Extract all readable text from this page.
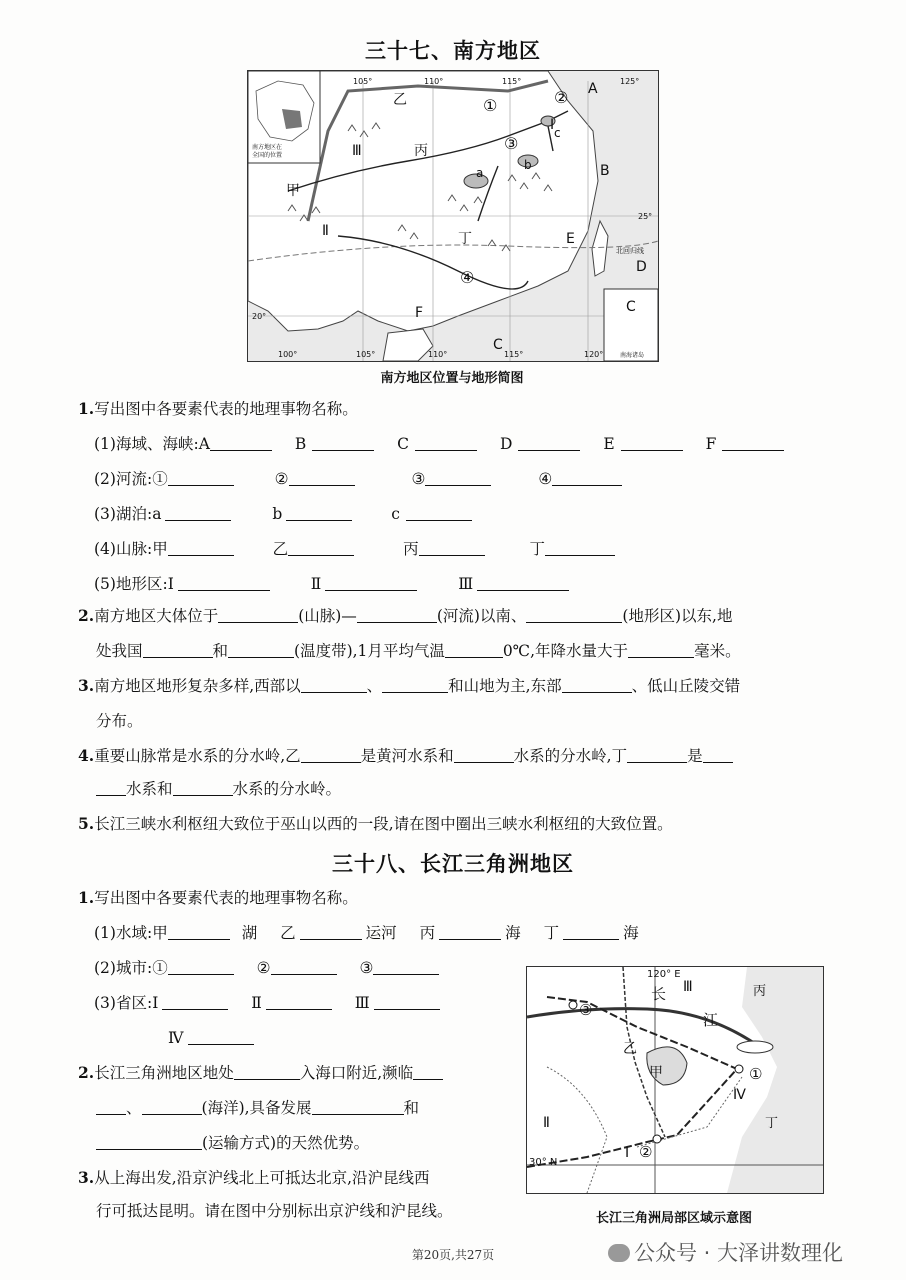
三十七、南方地区
南方地区在
全国的位置
南海诸岛
105°	110°	115°	125°
100°	105°	110°	115°	120°
20°
25°
北回归线
A
B
D
C
E
F
C
乙
丙
甲
丁
①	②
③
④
Ⅰ
Ⅱ
Ⅲ
a
b
c
南方地区位置与地形简图
1.写出图中各要素代表的地理事物名称。
(1)海域、海峡:A	B	C	D	E	F
(2)河流:①	②	③	④
(3)湖泊:a	b	c
(4)山脉:甲	乙	丙	丁
(5)地形区:Ⅰ	Ⅱ	Ⅲ
2.南方地区大体位于	(山脉)—	(河流)以南、	(地形区)以东,地
处我国	和	(温度带),1月平均气温	0℃,年降水量大于	毫米。
3.南方地区地形复杂多样,西部以	、	和山地为主,东部	、低山丘陵交错
分布。
4.重要山脉常是水系的分水岭,乙	是黄河水系和	水系的分水岭,丁	是
水系和	水系的分水岭。
5.长江三峡水利枢纽大致位于巫山以西的一段,请在图中圈出三峡水利枢纽的大致位置。
三十八、长江三角洲地区
1.写出图中各要素代表的地理事物名称。
(1)水域:甲	湖 乙	运河 丙	海 丁	海
(2)城市:①	②	③
(3)省区:Ⅰ	Ⅱ	Ⅲ
Ⅳ
2.长江三角洲地区地处	入海口附近,濒临
、	(海洋),具备发展	和
(运输方式)的天然优势。
3.从上海出发,沿京沪线北上可抵达北京,沿沪昆线西
行可抵达昆明。请在图中分别标出京沪线和沪昆线。
120° E
30° N
长
江
Ⅲ	丙
③
乙
甲	①
Ⅳ
Ⅱ
Ⅰ ②
丁
长江三角洲局部区域示意图
第20页,共27页	公众号 · 大泽讲数理化
